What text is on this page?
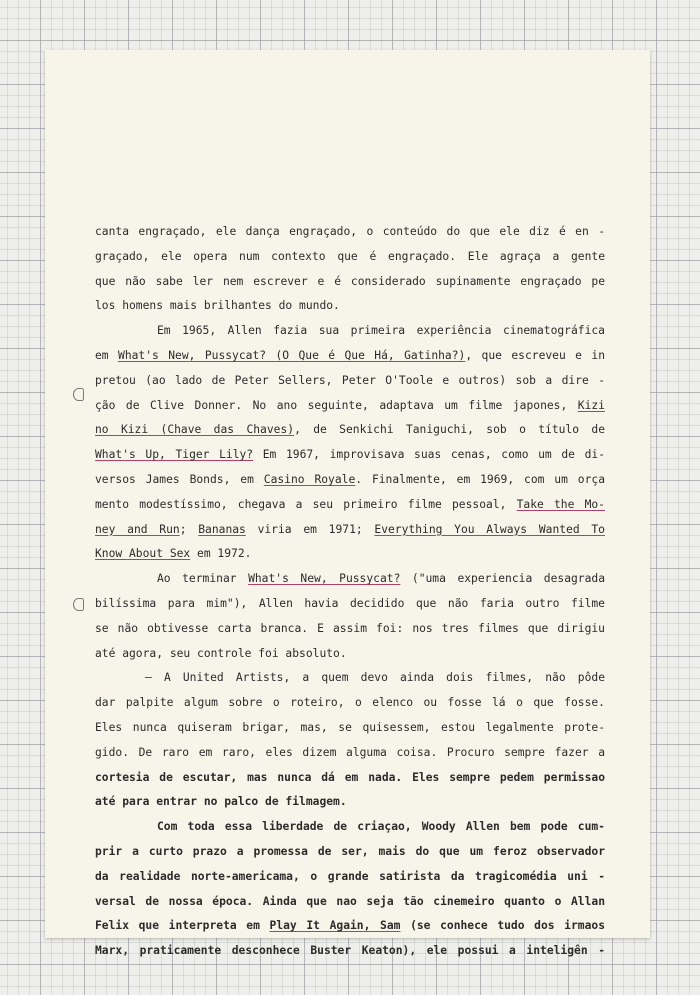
canta engraçado, ele dança engraçado, o conteúdo do que ele diz é en -
graçado, ele opera num contexto que é engraçado. Ele agraça a gente
que não sabe ler nem escrever e é considerado supinamente engraçado pe
los homens mais brilhantes do mundo.
Em 1965, Allen fazia sua primeira experiência cinematográfica
em What's New, Pussycat? (O Que é Que Há, Gatinha?), que escreveu e in
pretou (ao lado de Peter Sellers, Peter O'Toole e outros) sob a dire -
ção de Clive Donner. No ano seguinte, adaptava um filme japones, Kizi
no Kizi (Chave das Chaves), de Senkichi Taniguchi, sob o título de
What's Up, Tiger Lily? Em 1967, improvisava suas cenas, como um de di-
versos James Bonds, em Casino Royale. Finalmente, em 1969, com um orça
mento modestíssimo, chegava a seu primeiro filme pessoal, Take the Mo-
ney and Run; Bananas viria em 1971; Everything You Always Wanted To
Know About Sex em 1972.
Ao terminar What's New, Pussycat? ("uma experiencia desagrada
bilíssima para mim"), Allen havia decidido que não faria outro filme
se não obtivesse carta branca. E assim foi: nos tres filmes que dirigiu
até agora, seu controle foi absoluto.
— A United Artists, a quem devo ainda dois filmes, não pôde
dar palpite algum sobre o roteiro, o elenco ou fosse lá o que fosse.
Eles nunca quiseram brigar, mas, se quisessem, estou legalmente prote-
gido. De raro em raro, eles dizem alguma coisa. Procuro sempre fazer a
cortesia de escutar, mas nunca dá em nada. Eles sempre pedem permissao
até para entrar no palco de filmagem.
Com toda essa liberdade de criaçao, Woody Allen bem pode cum-
prir a curto prazo a promessa de ser, mais do que um feroz observador
da realidade norte-americama, o grande satirista da tragicomédia uni -
versal de nossa época. Ainda que nao seja tão cinemeiro quanto o Allan
Felix que interpreta em Play It Again, Sam (se conhece tudo dos irmaos
Marx, praticamente desconhece Buster Keaton), ele possui a inteligên -
